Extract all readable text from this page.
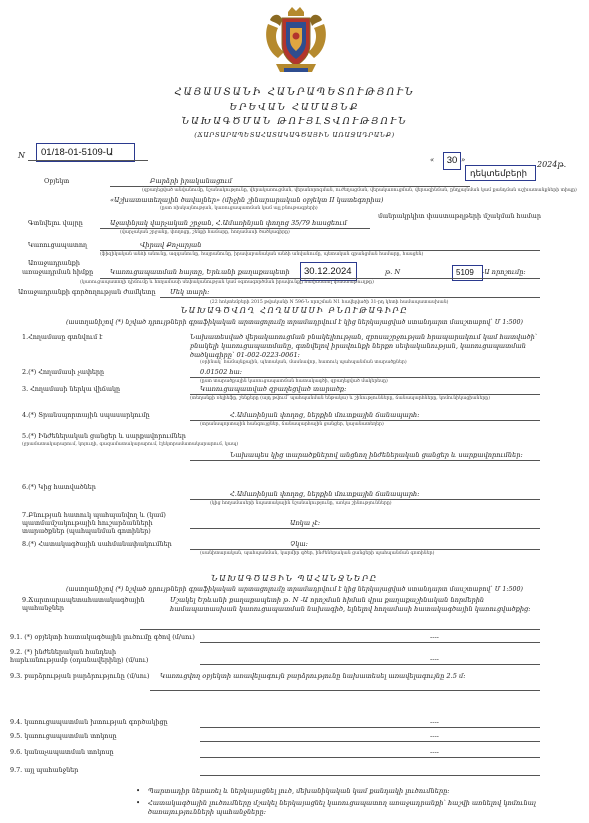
ՀԱՅԱՍՏԱՆԻ ՀԱՆՐԱՊԵՏՈՒԹՅՈՒՆ
ԵՐԵՎԱՆ ՀԱՄԱՅՆՔ
ՆԱԽԱԳԾՄԱՆ ԹՈՒՅԼՏՎՈՒԹՅՈՒՆ
(ՃԱՐՏԱՐԱՊԵՏԱՀԱՏԱԿԱԳԾԱՅԻՆ ԱՌԱՋԱԴՐԱՆՔ)
N	01/18-01-5109-Ա
«	30 »
դեկտեմբերի
2024թ.
Օբյեկտ	Բարձրի իրականացում
(զբաղեցված անվանումը, նշանակությունը, վերակառուցման, վերանորոգման, ուժեղացման, վերակառուցման, վերազինման, ընդլայնման կամ քանդման աշխատանքների տիպը)
«Աշխատատեղային ծավալներ» (միջին շինարարական օբյեկտ II կատեգորիա)
(ըստ ռիսկայնության, կառուցապատման կամ այլ բնութագրերի)
մանրակրկիտ փաստաթղթերի մշակման համար
Գտնվելու վայրը	Աջափնյակ վարչական շրջան, Հ.Ամառինյան փողոց 35/79 հասցեում
(վարչական շրջանը, փողոցը, շենքի համարը, հողամասի ծածկագիրը)
Կառուցապատող	Վիրավ Քոչարյան
(ֆիզիկական անձի անունը, ազգանունը, հայրանունը, իրավաբանական անձի անվանումը, պետական գրանցման համարը, հասցեն)
Առաջադրանքի
առաջադրման հիմքը	Կառուցապատման հայտը, Երևանի քաղաքապետի	30.12.2024	թ. N	5109	-Ա որոշումը։
(կառուցապատողի դիմումը և հողամասի սեփականության կամ օգտագործման իրավունքը հավաստող փաստաթուղթը)
Առաջադրանքի գործողության ժամկետը Մեկ տարի։
(22 հոկտեմբերի 2015 թվականի N 596-Ն որոշման N1 հավելվածի 31-րդ կետի համապատասխան)
ՆԱԽԱԳԾՎՈՂ ՀՈՂԱՄԱՍԻ ԲՆՈՒԹԱԳԻՐԸ
(աստղանիշով (*) նշված դրույթների գրաֆիկական արտացոլումը տրամադրվում է կից ներկայացված ստանդարտ մասշտաբով՝ Մ 1:500)
1.Հողամասը գտնվում է	Նախատեսված վերակառուցման բնակելիության, զբոսաշրջության հրապարակում կամ հատվածի՝ բնակելի կառուցապատմանը, գտնվելով իրավունքի ներքո սեփականության, կառուցապատման ծածկագիրը՝ 01-002-0223-0061:
(օրինակ՝ համայնքային, պետական, մասնավոր, հատուկ պահպանման տարածքներ)
2.(*) Հողամասի չափերը	0.01502 հա:
(ըստ տարածքային կառուցապատման հատակագծի, զբաղեցված մակերեսը)
3. Հողամասի ներկա վիճակը	Կառուցապատված զբաղեցված տարածք:
(տեղանքի ռելիեֆը, շենքերը (այդ թվում՝ պահպանման ենթակա) և շինությունները, ճանապարհները, կոմունիկացիաները)
4.(*) Տրանսպորտային սպասարկումը	Հ.Ամառինյան փողոց, ներքին մուտքային ճանապարհ:
(տրանսպորտային հանգույցներ, ճանապարհային ցանցեր, կայանատեղեր)
5.(*) Ինժեներական ցանցեր և սարքավորումներ
(ջրամատակարարում, կոյուղի, գազամատակարարում, էլեկտրամատակարարում, կապ)
Նախապես կից տարածքներով անցնող ինժեներական ցանցեր և սարքավորումներ:
6.(*) Կից հատվածներ
Հ.Ամառինյան փողոց, ներքին մուտքային ճանապարհ:
(կից հողամասերի նպատակային նշանակությունը, առկա շինությունները)
7.Բնության հատուկ պահպանվող և (կամ) պատմամշակութային հուշարձանների տարածքներ (պահպանման գոտիներ)
Առկա չէ։
8.(*) Հատակագծային սահմանափակումներ	Չկա։
(սանիտարական, պահպանման, կարմիր գծեր, ինժեներական ցանցերի պահպանման գոտիներ)
ՆԱԽԱԳԾԱՅԻՆ ՊԱՀԱՆՋՆԵՐԸ
(աստղանիշով (*) նշված դրույթների գրաֆիկական արտացոլումը տրամադրվում է կից ներկայացված ստանդարտ մասշտաբով՝ Մ 1:500)
9.Ճարտարապետահատակագծային պահանջներ
Մշակել Երևանի քաղաքապետի թ. N -Ա որոշման հիման վրա քաղաքաշինական նորմերին համապատասխան կառուցապատման նախագիծ, ելնելով հողամասի հատակագծային կառուցվածքից։
9.1. (*) օբյեկտի հատակագծային լուծումը գծով (մ/սու)	----
9.2. (*) ինժեներական հանդեսի հարևանությամբ (օդանավերինը) (մ/սու)	----
9.3. բարձրության բարձրությունը (մ/սու) Կառուցվող օբյեկտի առավելագույն բարձրությունը նախատեսել առավելագույնը 2.5 մ։
9.4. կառուցապատման խտության գործակիցը	----
9.5. կառուցապատման տոկոսը	----
9.6. կանաչապատման տոկոսը	----
9.7. այլ պահանջներ
• Պարտադիր ներառել և ներկայացնել լուծ, մեխանիկական կամ քանդակի լուծումները։
• Հատակագծային լուծումները մշակել ներկայացնել կառուցապատող առաջադրանքի՝ հաշվի առնելով կոմունալ ծառայությունների պահանջները։
